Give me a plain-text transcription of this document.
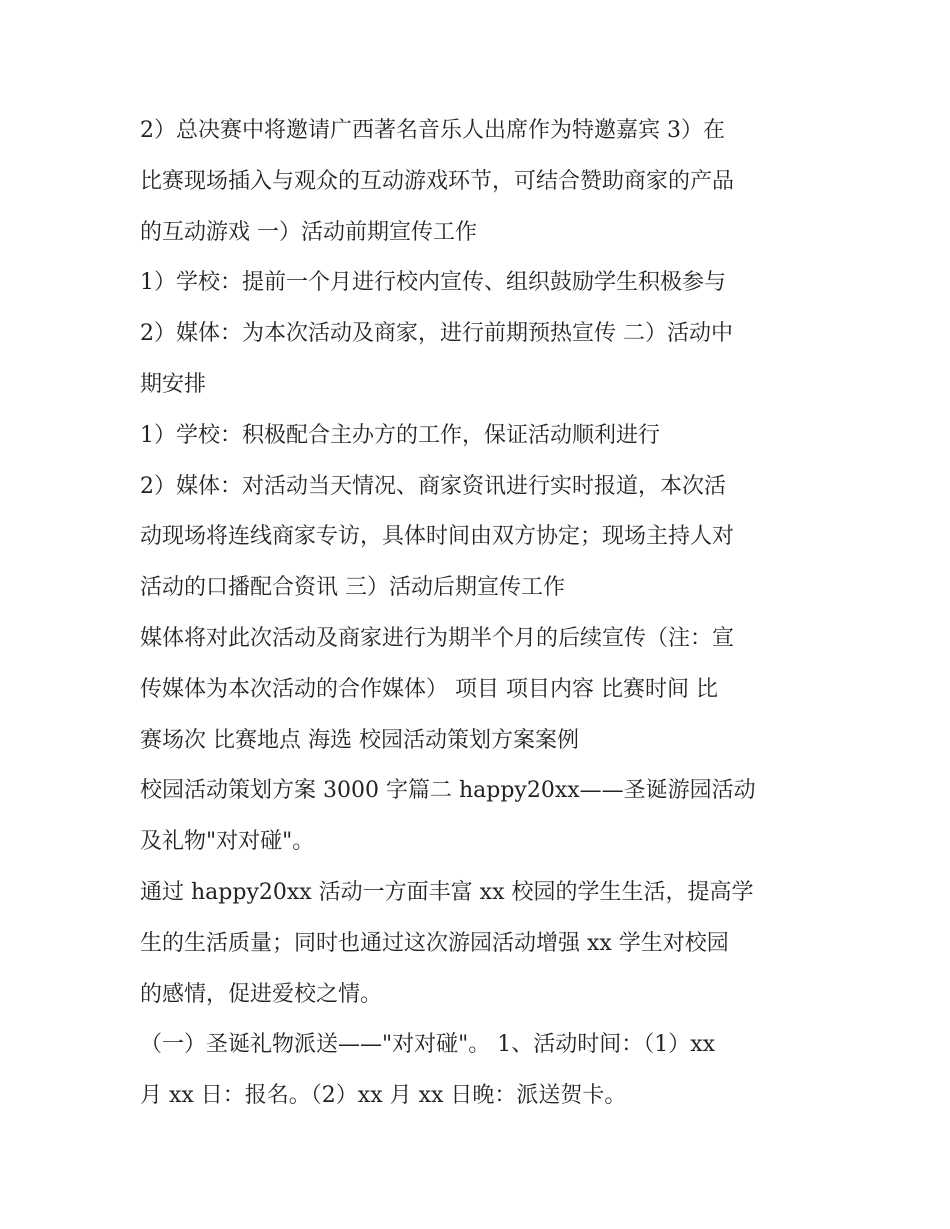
2）总决赛中将邀请广西著名音乐人出席作为特邀嘉宾 3）在
比赛现场插入与观众的互动游戏环节，可结合赞助商家的产品
的互动游戏 一）活动前期宣传工作
1）学校：提前一个月进行校内宣传、组织鼓励学生积极参与
2）媒体：为本次活动及商家，进行前期预热宣传 二）活动中
期安排
1）学校：积极配合主办方的工作，保证活动顺利进行
2）媒体：对活动当天情况、商家资讯进行实时报道，本次活
动现场将连线商家专访，具体时间由双方协定；现场主持人对
活动的口播配合资讯 三）活动后期宣传工作
媒体将对此次活动及商家进行为期半个月的后续宣传（注：宣
传媒体为本次活动的合作媒体） 项目 项目内容 比赛时间 比
赛场次 比赛地点 海选 校园活动策划方案案例
校园活动策划方案 3000 字篇二 happy20xx——圣诞游园活动
及礼物"对对碰"。
通过 happy20xx 活动一方面丰富 xx 校园的学生生活，提高学
生的生活质量；同时也通过这次游园活动增强 xx 学生对校园
的感情，促进爱校之情。
（一）圣诞礼物派送——"对对碰"。 1、活动时间：（1）xx
月 xx 日：报名。（2）xx 月 xx 日晚：派送贺卡。
